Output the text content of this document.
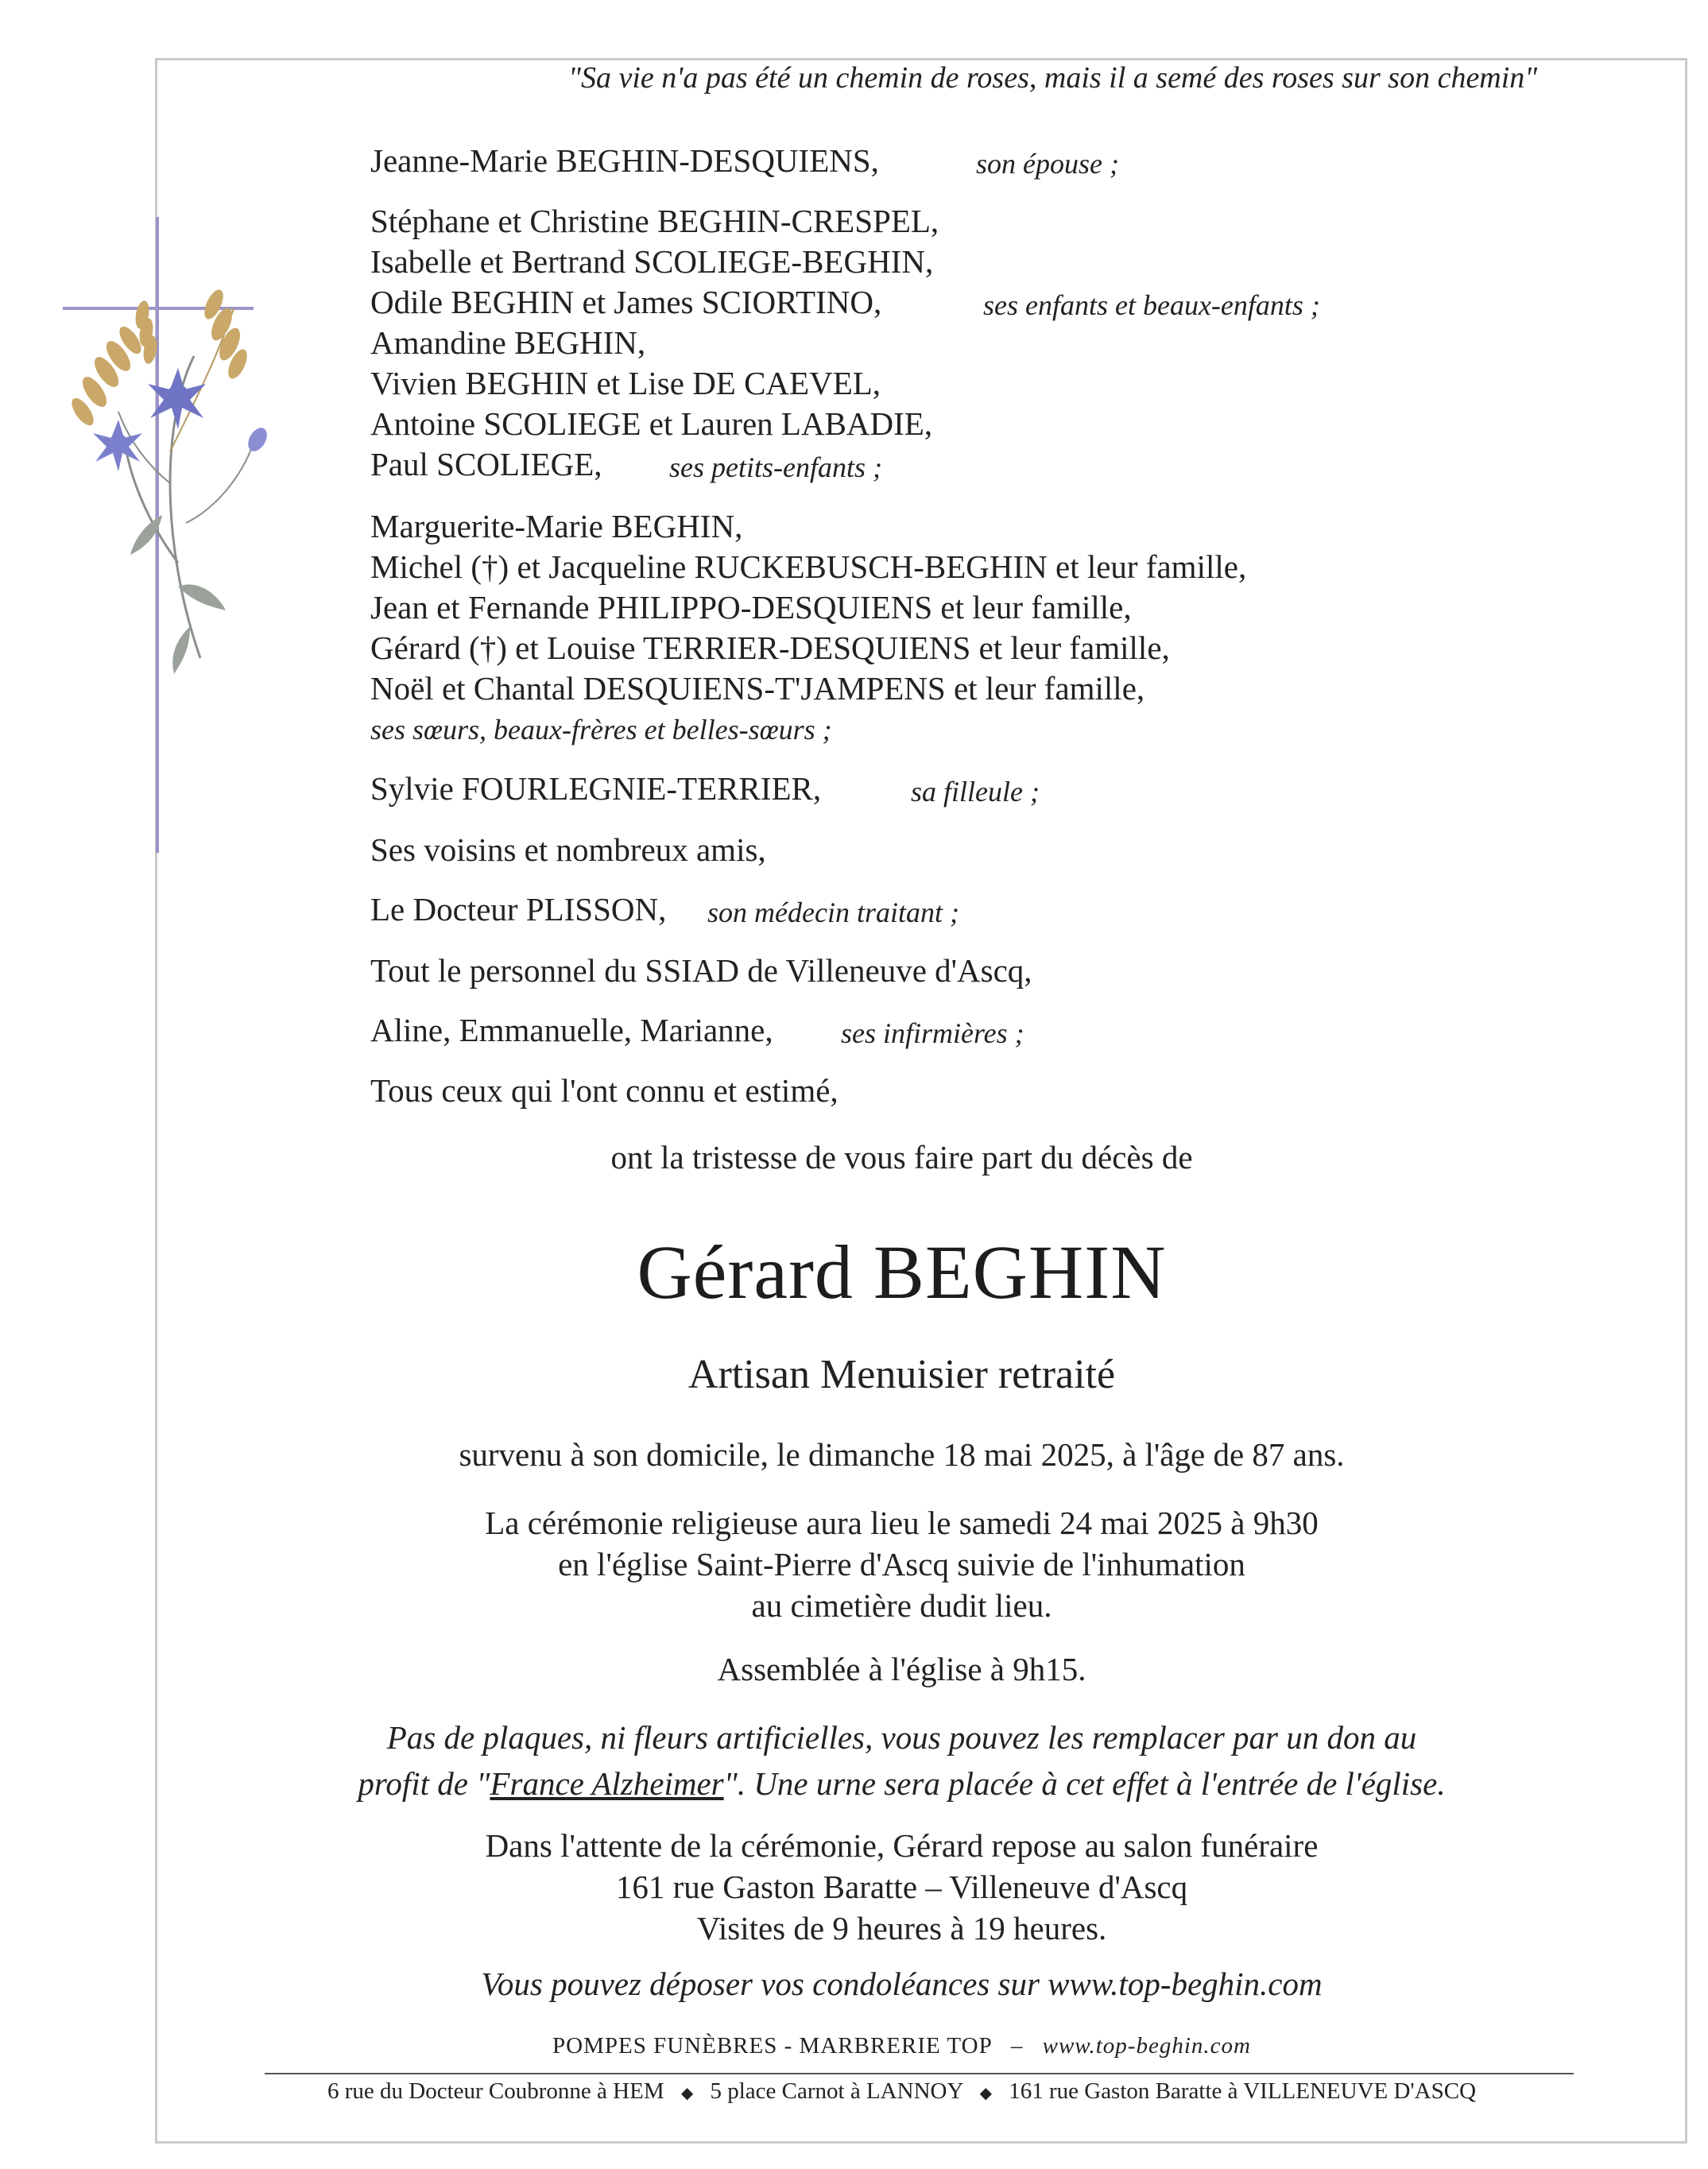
"Sa vie n'a pas été un chemin de roses, mais il a semé des roses sur son chemin"
Jeanne-Marie BEGHIN-DESQUIENS,	son épouse ;
Stéphane et Christine BEGHIN-CRESPEL,
Isabelle et Bertrand SCOLIEGE-BEGHIN,
Odile BEGHIN et James SCIORTINO,	ses enfants et beaux-enfants ;
Amandine BEGHIN,
Vivien BEGHIN et Lise DE CAEVEL,
Antoine SCOLIEGE et Lauren LABADIE,
Paul SCOLIEGE, ses petits-enfants ;
Marguerite-Marie BEGHIN,
Michel (†) et Jacqueline RUCKEBUSCH-BEGHIN et leur famille,
Jean et Fernande PHILIPPO-DESQUIENS et leur famille,
Gérard (†) et Louise TERRIER-DESQUIENS et leur famille,
Noël et Chantal DESQUIENS-T'JAMPENS et leur famille,
ses sœurs, beaux-frères et belles-sœurs ;
Sylvie FOURLEGNIE-TERRIER,	sa filleule ;
Ses voisins et nombreux amis,
Le Docteur PLISSON, son médecin traitant ;
Tout le personnel du SSIAD de Villeneuve d'Ascq,
Aline, Emmanuelle, Marianne, ses infirmières ;
Tous ceux qui l'ont connu et estimé,
ont la tristesse de vous faire part du décès de
Gérard BEGHIN
Artisan Menuisier retraité
survenu à son domicile, le dimanche 18 mai 2025, à l'âge de 87 ans.
La cérémonie religieuse aura lieu le samedi 24 mai 2025 à 9h30
en l'église Saint-Pierre d'Ascq suivie de l'inhumation
au cimetière dudit lieu.
Assemblée à l'église à 9h15.
Pas de plaques, ni fleurs artificielles, vous pouvez les remplacer par un don au
profit de "France Alzheimer". Une urne sera placée à cet effet à l'entrée de l'église.
Dans l'attente de la cérémonie, Gérard repose au salon funéraire
161 rue Gaston Baratte – Villeneuve d'Ascq
Visites de 9 heures à 19 heures.
Vous pouvez déposer vos condoléances sur www.top-beghin.com
POMPES FUNÈBRES - MARBRERIE TOP – www.top-beghin.com
6 rue du Docteur Coubronne à HEM ◆ 5 place Carnot à LANNOY ◆ 161 rue Gaston Baratte à VILLENEUVE D'ASCQ
